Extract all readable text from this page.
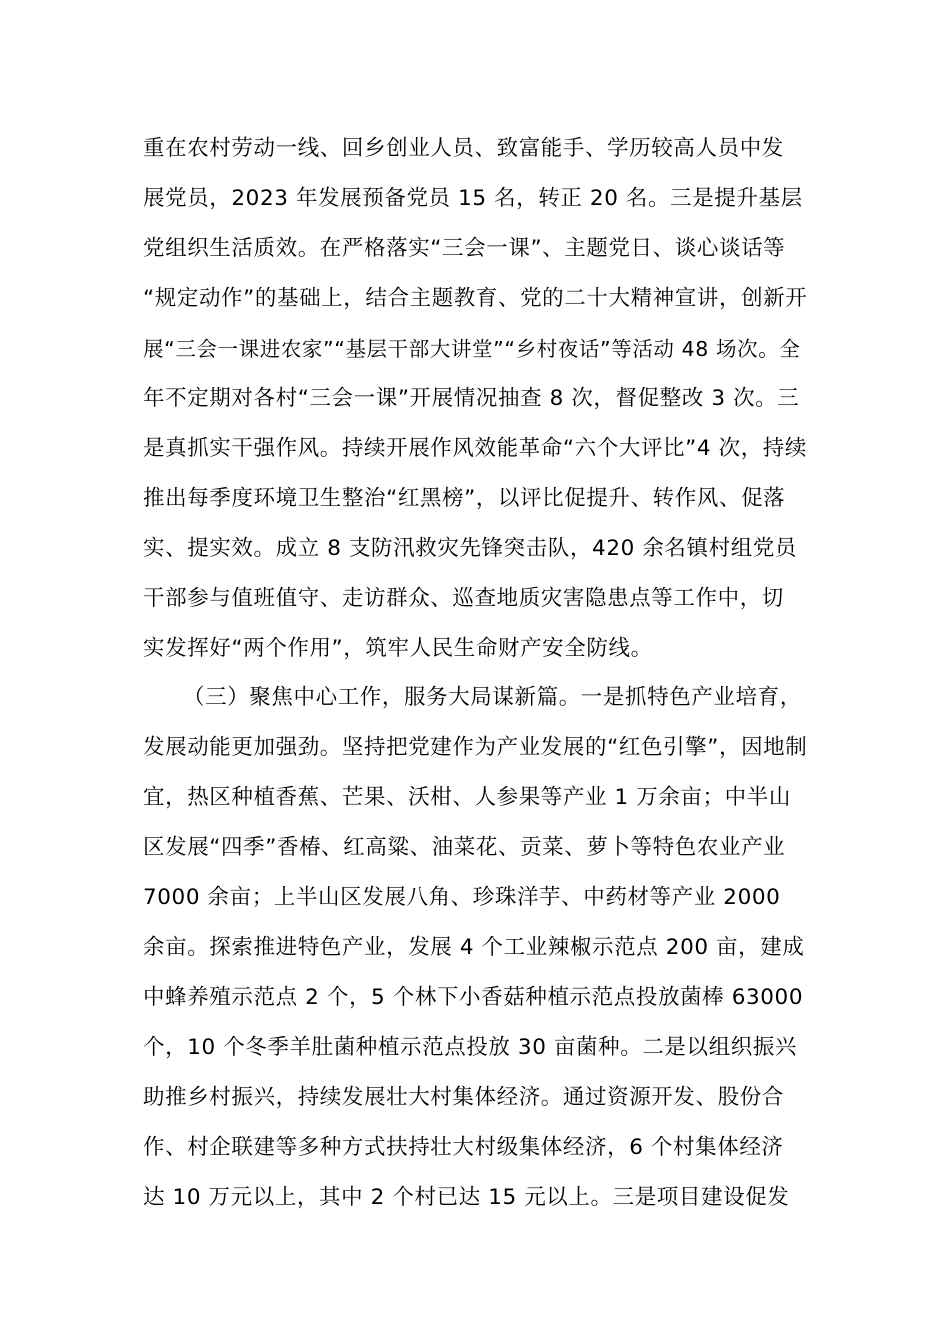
重在农村劳动一线、回乡创业人员、致富能手、学历较高人员中发
展党员，2023 年发展预备党员 15 名，转正 20 名。三是提升基层
党组织生活质效。在严格落实“三会一课”、主题党日、谈心谈话等
“规定动作”的基础上，结合主题教育、党的二十大精神宣讲，创新开
展“三会一课进农家”“基层干部大讲堂”“乡村夜话”等活动 48 场次。全
年不定期对各村“三会一课”开展情况抽查 8 次，督促整改 3 次。三
是真抓实干强作风。持续开展作风效能革命“六个大评比”4 次，持续
推出每季度环境卫生整治“红黑榜”，以评比促提升、转作风、促落
实、提实效。成立 8 支防汛救灾先锋突击队，420 余名镇村组党员
干部参与值班值守、走访群众、巡查地质灾害隐患点等工作中，切
实发挥好“两个作用”，筑牢人民生命财产安全防线。
（三）聚焦中心工作，服务大局谋新篇。一是抓特色产业培育，
发展动能更加强劲。坚持把党建作为产业发展的“红色引擎”，因地制
宜，热区种植香蕉、芒果、沃柑、人参果等产业 1 万余亩；中半山
区发展“四季”香椿、红高粱、油菜花、贡菜、萝卜等特色农业产业
7000 余亩；上半山区发展八角、珍珠洋芋、中药材等产业 2000
余亩。探索推进特色产业，发展 4 个工业辣椒示范点 200 亩，建成
中蜂养殖示范点 2 个，5 个林下小香菇种植示范点投放菌棒 63000
个，10 个冬季羊肚菌种植示范点投放 30 亩菌种。二是以组织振兴
助推乡村振兴，持续发展壮大村集体经济。通过资源开发、股份合
作、村企联建等多种方式扶持壮大村级集体经济，6 个村集体经济
达 10 万元以上，其中 2 个村已达 15 元以上。三是项目建设促发
